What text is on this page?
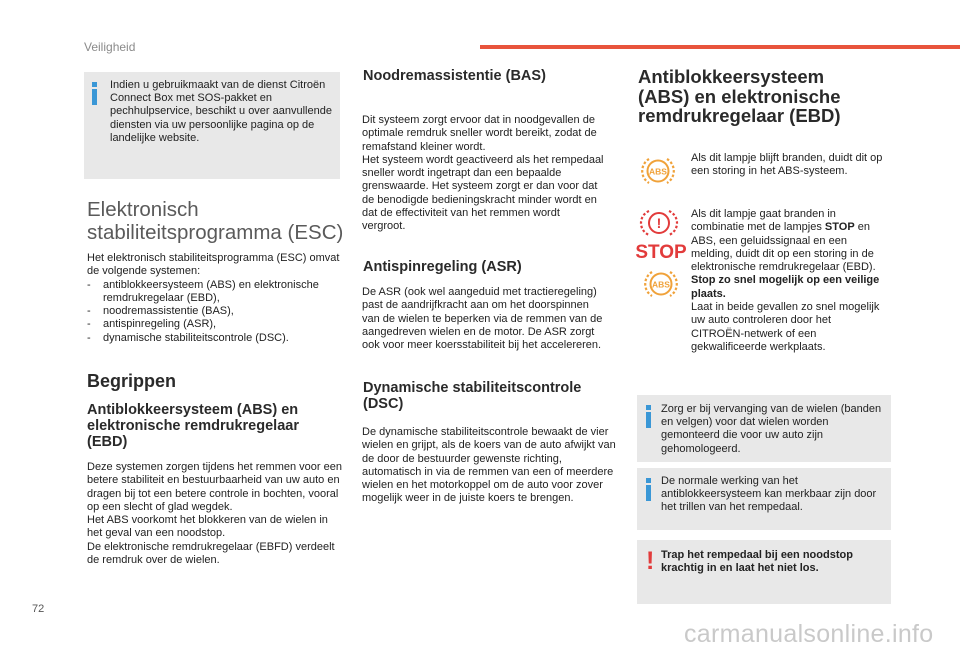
Veiligheid
Indien u gebruikmaakt van de dienst Citroën Connect Box met SOS-pakket en pechhulpservice, beschikt u over aanvullende diensten via uw persoonlijke pagina op de landelijke website.
Elektronisch
stabiliteitsprogramma (ESC)
Het elektronisch stabiliteitsprogramma (ESC) omvat de volgende systemen:
-	antiblokkeersysteem (ABS) en elektronische remdrukregelaar (EBD),
-	noodremassistentie (BAS),
-	antispinregeling (ASR),
-	dynamische stabiliteitscontrole (DSC).
Begrippen
Antiblokkeersysteem (ABS) en elektronische remdrukregelaar (EBD)
Deze systemen zorgen tijdens het remmen voor een betere stabiliteit en bestuurbaarheid van uw auto en dragen bij tot een betere controle in bochten, vooral op een slecht of glad wegdek.
Het ABS voorkomt het blokkeren van de wielen in het geval van een noodstop.
De elektronische remdrukregelaar (EBFD) verdeelt de remdruk over de wielen.
Noodremassistentie (BAS)
Dit systeem zorgt ervoor dat in noodgevallen de optimale remdruk sneller wordt bereikt, zodat de remafstand kleiner wordt.
Het systeem wordt geactiveerd als het rempedaal sneller wordt ingetrapt dan een bepaalde grenswaarde. Het systeem zorgt er dan voor dat de benodigde bedieningskracht minder wordt en dat de effectiviteit van het remmen wordt vergroot.
Antispinregeling (ASR)
De ASR (ook wel aangeduid met tractieregeling) past de aandrijfkracht aan om het doorspinnen van de wielen te beperken via de remmen van de aangedreven wielen en de motor. De ASR zorgt ook voor meer koersstabiliteit bij het accelereren.
Dynamische stabiliteitscontrole (DSC)
De dynamische stabiliteitscontrole bewaakt de vier wielen en grijpt, als de koers van de auto afwijkt van de door de bestuurder gewenste richting, automatisch in via de remmen van een of meerdere wielen en het motorkoppel om de auto voor zover mogelijk weer in de juiste koers te brengen.
Antiblokkeersysteem (ABS) en elektronische remdrukregelaar (EBD)
ABS
Als dit lampje blijft branden, duidt dit op een storing in het ABS-systeem.
!
STOP
ABS
Als dit lampje gaat branden in combinatie met de lampjes STOP en ABS, een geluidssignaal en een melding, duidt dit op een storing in de elektronische remdrukregelaar (EBD).
Stop zo snel mogelijk op een veilige plaats.
Laat in beide gevallen zo snel mogelijk uw auto controleren door het CITROËN-netwerk of een gekwalificeerde werkplaats.
Zorg er bij vervanging van de wielen (banden en velgen) voor dat wielen worden gemonteerd die voor uw auto zijn gehomologeerd.
De normale werking van het antiblokkeersysteem kan merkbaar zijn door het trillen van het rempedaal.
! Trap het rempedaal bij een noodstop krachtig in en laat het niet los.
72
carmanualsonline.info
